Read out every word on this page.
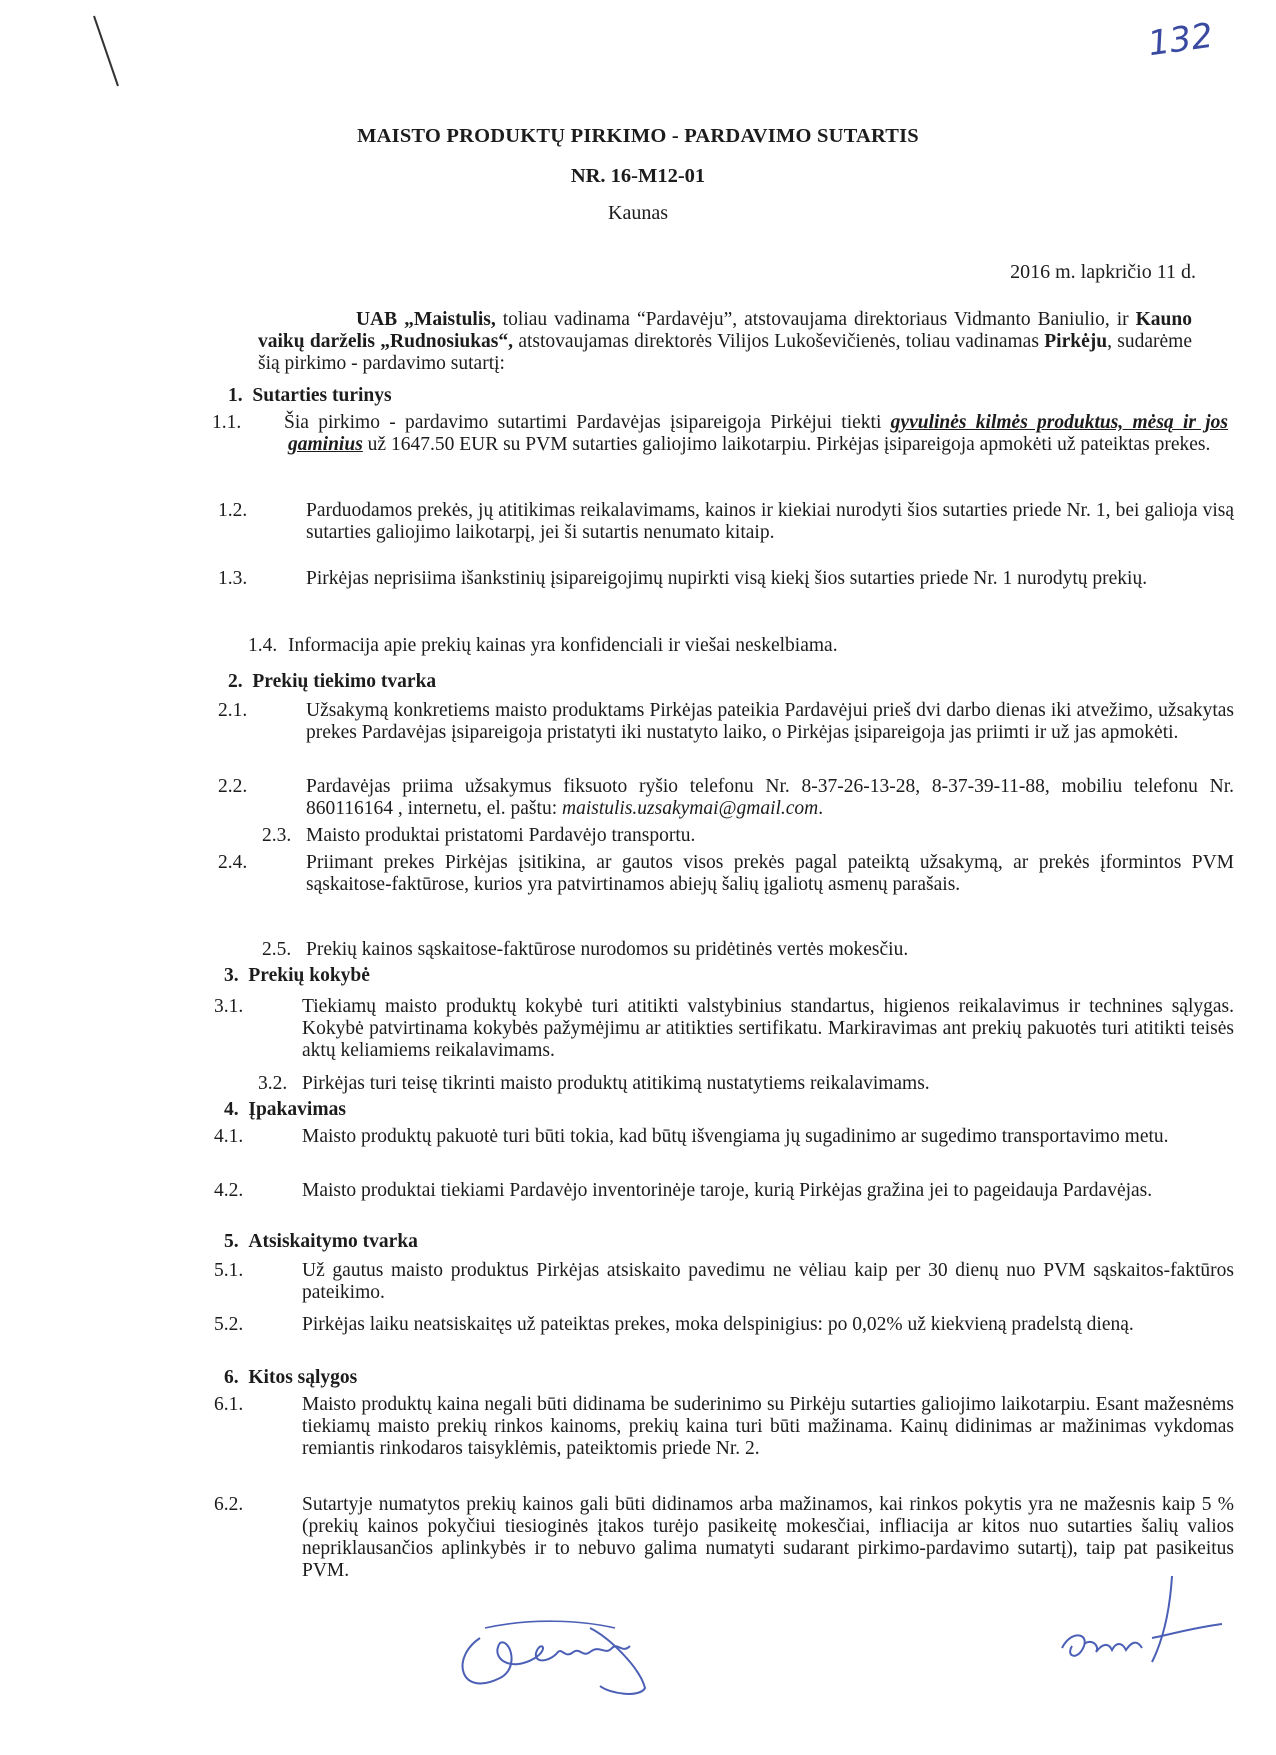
132
MAISTO PRODUKTŲ PIRKIMO - PARDAVIMO SUTARTIS
NR. 16-M12-01
Kaunas
2016 m. lapkričio 11 d.
UAB „Maistulis, toliau vadinama “Pardavėju”, atstovaujama direktoriaus Vidmanto Baniulio, ir Kauno vaikų darželis „Rudnosiukas“, atstovaujamas direktorės Vilijos Lukoševičienės, toliau vadinamas Pirkėju, sudarėme šią pirkimo - pardavimo sutartį:
1. Sutarties turinys
1.1. Šia pirkimo - pardavimo sutartimi Pardavėjas įsipareigoja Pirkėjui tiekti gyvulinės kilmės produktus, mėsą ir jos gaminius už 1647.50 EUR su PVM sutarties galiojimo laikotarpiu. Pirkėjas įsipareigoja apmokėti už pateiktas prekes.
1.2.	Parduodamos prekės, jų atitikimas reikalavimams, kainos ir kiekiai nurodyti šios sutarties priede Nr. 1, bei galioja visą sutarties galiojimo laikotarpį, jei ši sutartis nenumato kitaip.
1.3.	Pirkėjas neprisiima išankstinių įsipareigojimų nupirkti visą kiekį šios sutarties priede Nr. 1 nurodytų prekių.
1.4. Informacija apie prekių kainas yra konfidenciali ir viešai neskelbiama.
2. Prekių tiekimo tvarka
2.1.	Užsakymą konkretiems maisto produktams Pirkėjas pateikia Pardavėjui prieš dvi darbo dienas iki atvežimo, užsakytas prekes Pardavėjas įsipareigoja pristatyti iki nustatyto laiko, o Pirkėjas įsipareigoja jas priimti ir už jas apmokėti.
2.2.	Pardavėjas priima užsakymus fiksuoto ryšio telefonu Nr. 8-37-26-13-28, 8-37-39-11-88, mobiliu telefonu Nr. 860116164 , internetu, el. paštu: maistulis.uzsakymai@gmail.com.
2.3. Maisto produktai pristatomi Pardavėjo transportu.
2.4.	Priimant prekes Pirkėjas įsitikina, ar gautos visos prekės pagal pateiktą užsakymą, ar prekės įformintos PVM sąskaitose-faktūrose, kurios yra patvirtinamos abiejų šalių įgaliotų asmenų parašais.
2.5. Prekių kainos sąskaitose-faktūrose nurodomos su pridėtinės vertės mokesčiu.
3. Prekių kokybė
3.1.	Tiekiamų maisto produktų kokybė turi atitikti valstybinius standartus, higienos reikalavimus ir technines sąlygas. Kokybė patvirtinama kokybės pažymėjimu ar atitikties sertifikatu. Markiravimas ant prekių pakuotės turi atitikti teisės aktų keliamiems reikalavimams.
3.2. Pirkėjas turi teisę tikrinti maisto produktų atitikimą nustatytiems reikalavimams.
4. Įpakavimas
4.1.	Maisto produktų pakuotė turi būti tokia, kad būtų išvengiama jų sugadinimo ar sugedimo transportavimo metu.
4.2.	Maisto produktai tiekiami Pardavėjo inventorinėje taroje, kurią Pirkėjas gražina jei to pageidauja Pardavėjas.
5. Atsiskaitymo tvarka
5.1.	Už gautus maisto produktus Pirkėjas atsiskaito pavedimu ne vėliau kaip per 30 dienų nuo PVM sąskaitos-faktūros pateikimo.
5.2.	Pirkėjas laiku neatsiskaitęs už pateiktas prekes, moka delspinigius: po 0,02% už kiekvieną pradelstą dieną.
6. Kitos sąlygos
6.1.	Maisto produktų kaina negali būti didinama be suderinimo su Pirkėju sutarties galiojimo laikotarpiu. Esant mažesnėms tiekiamų maisto prekių rinkos kainoms, prekių kaina turi būti mažinama. Kainų didinimas ar mažinimas vykdomas remiantis rinkodaros taisyklėmis, pateiktomis priede Nr. 2.
6.2.	Sutartyje numatytos prekių kainos gali būti didinamos arba mažinamos, kai rinkos pokytis yra ne mažesnis kaip 5 % (prekių kainos pokyčiui tiesioginės įtakos turėjo pasikeitę mokesčiai, infliacija ar kitos nuo sutarties šalių valios nepriklausančios aplinkybės ir to nebuvo galima numatyti sudarant pirkimo-pardavimo sutartį), taip pat pasikeitus PVM.
